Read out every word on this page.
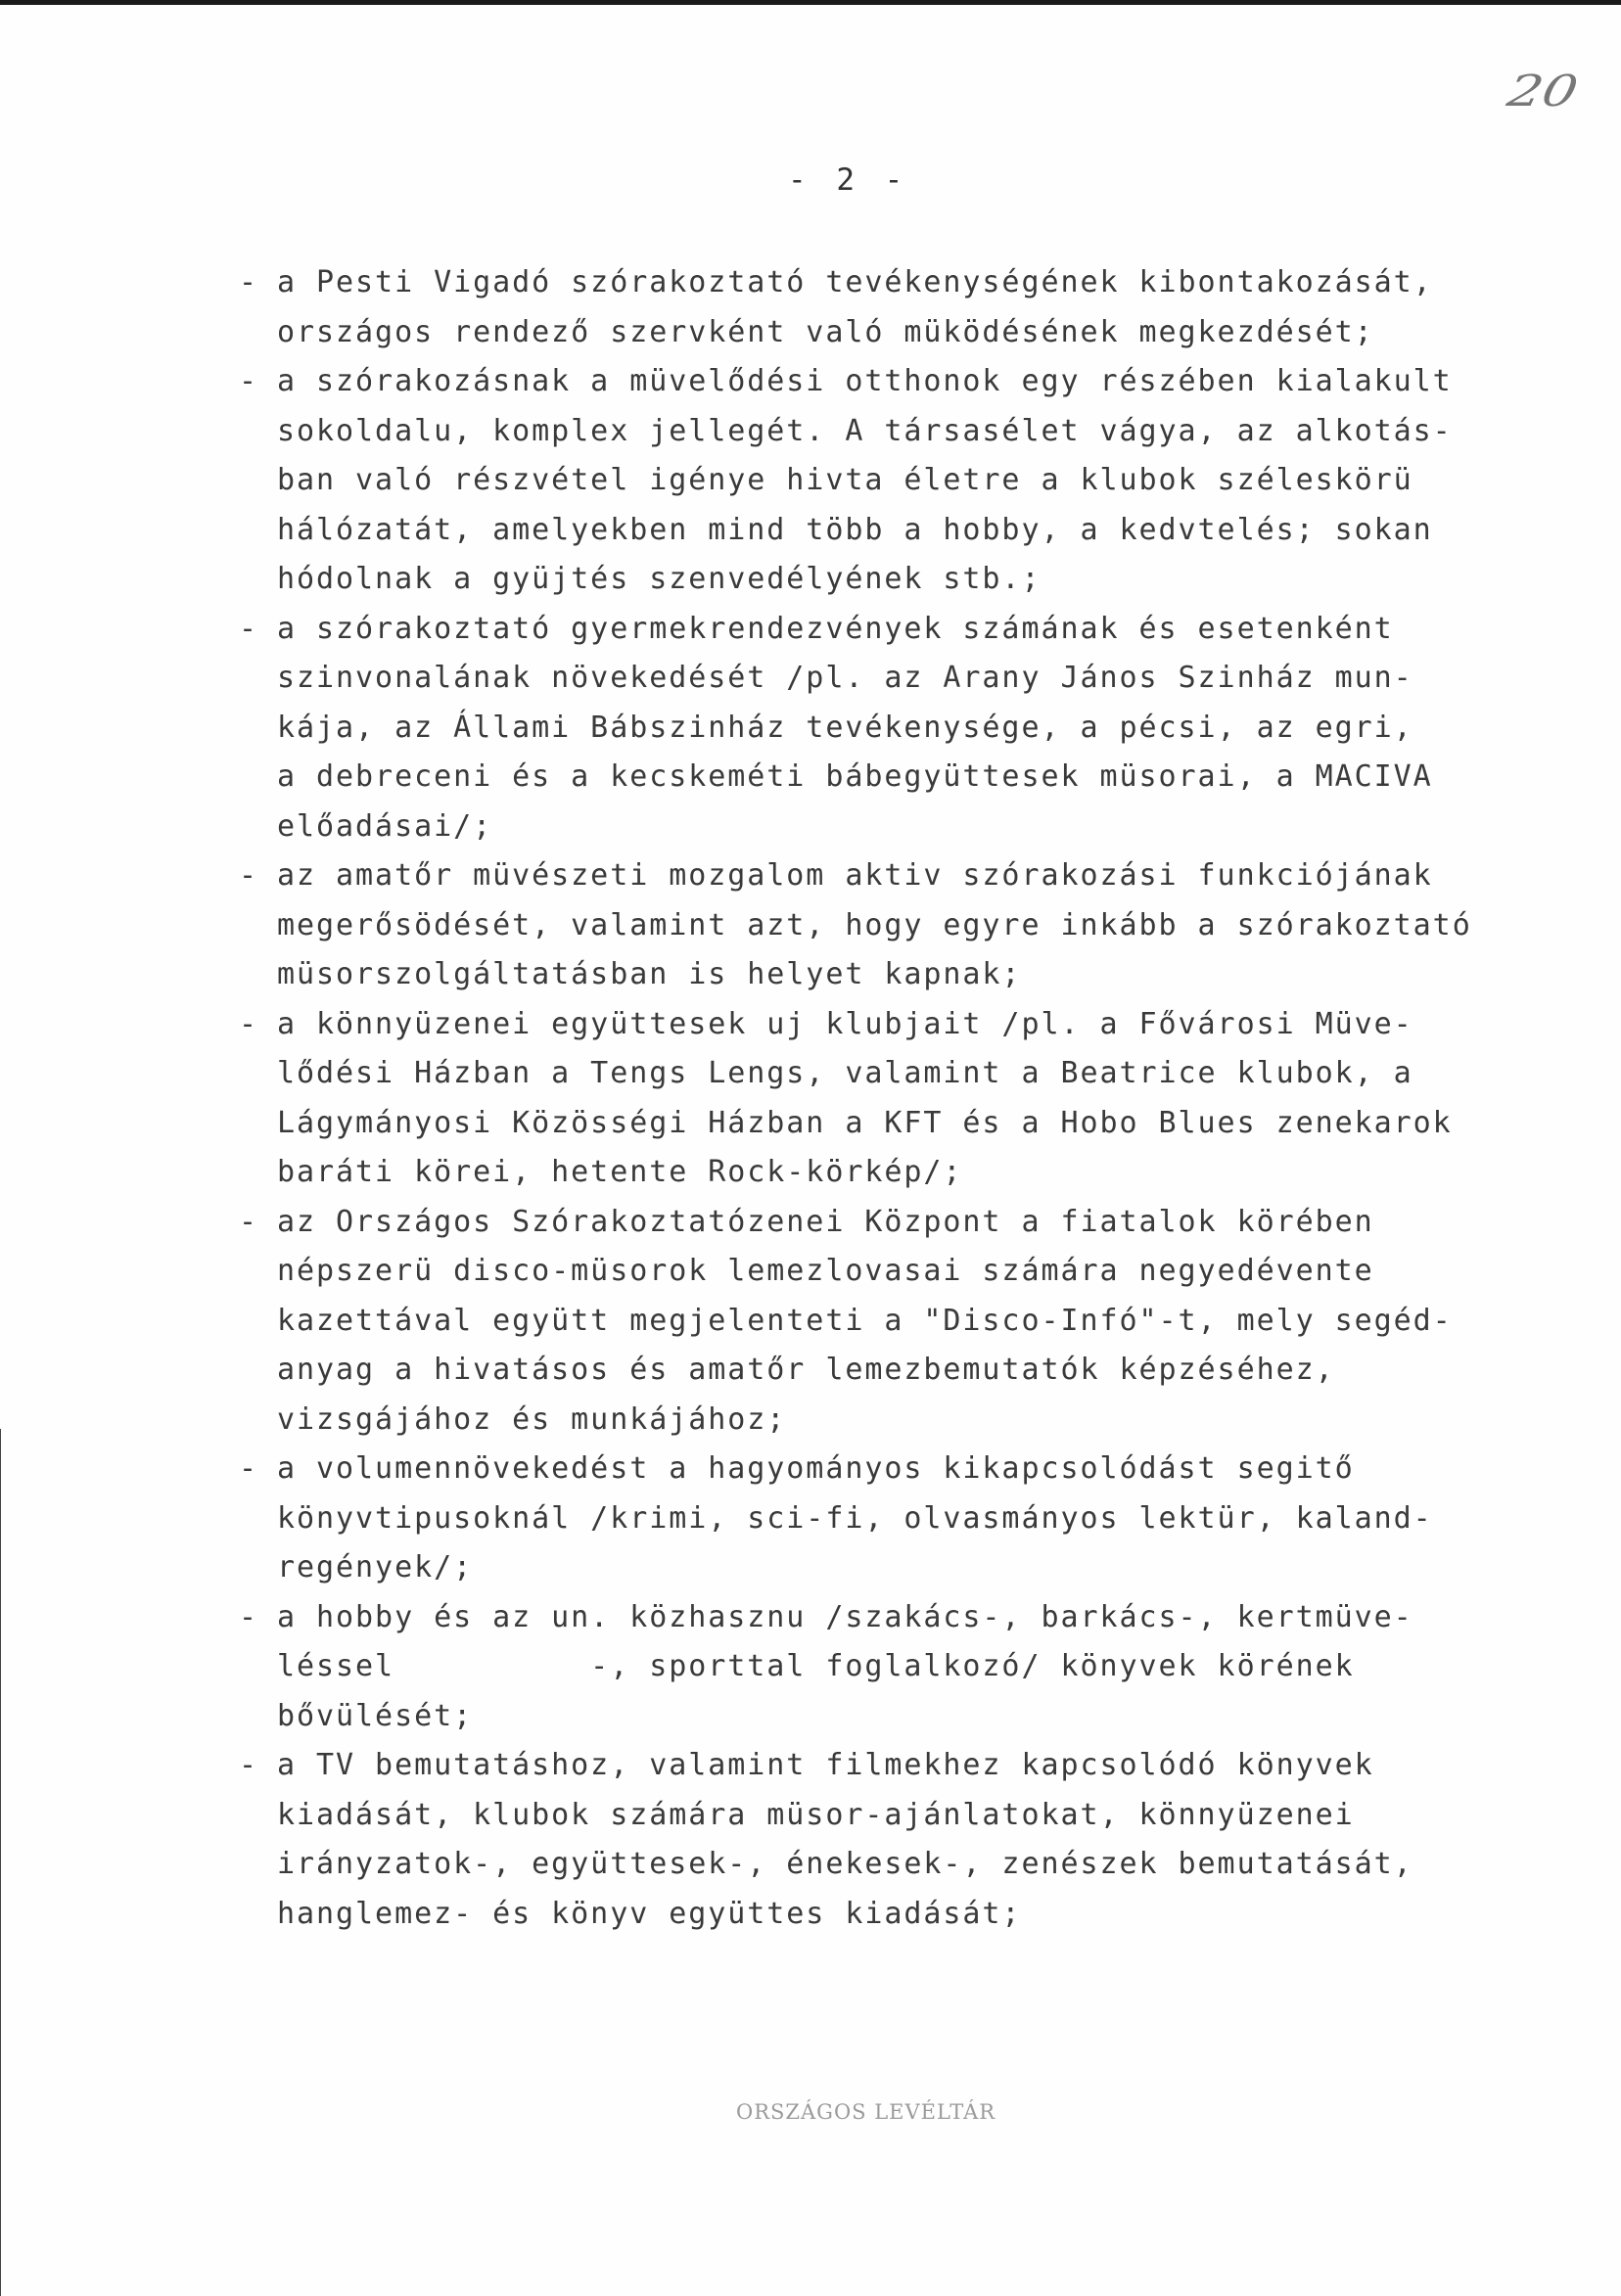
20
- 2 -
- a Pesti Vigadó szórakoztató tevékenységének kibontakozását,
országos rendező szervként való müködésének megkezdését;
- a szórakozásnak a müvelődési otthonok egy részében kialakult
sokoldalu, komplex jellegét. A társasélet vágya, az alkotás-
ban való részvétel igénye hivta életre a klubok széleskörü
hálózatát, amelyekben mind több a hobby, a kedvtelés; sokan
hódolnak a gyüjtés szenvedélyének stb.;
- a szórakoztató gyermekrendezvények számának és esetenként
szinvonalának növekedését /pl. az Arany János Szinház mun-
kája, az Állami Bábszinház tevékenysége, a pécsi, az egri,
a debreceni és a kecskeméti bábegyüttesek müsorai, a MACIVA
előadásai/;
- az amatőr müvészeti mozgalom aktiv szórakozási funkciójának
megerősödését, valamint azt, hogy egyre inkább a szórakoztató
müsorszolgáltatásban is helyet kapnak;
- a könnyüzenei együttesek uj klubjait /pl. a Fővárosi Müve-
lődési Házban a Tengs Lengs, valamint a Beatrice klubok, a
Lágymányosi Közösségi Házban a KFT és a Hobo Blues zenekarok
baráti körei, hetente Rock-körkép/;
- az Országos Szórakoztatózenei Központ a fiatalok körében
népszerü disco-müsorok lemezlovasai számára negyedévente
kazettával együtt megjelenteti a "Disco-Infó"-t, mely segéd-
anyag a hivatásos és amatőr lemezbemutatók képzéséhez,
vizsgájához és munkájához;
- a volumennövekedést a hagyományos kikapcsolódást segitő
könyvtipusoknál /krimi, sci-fi, olvasmányos lektür, kaland-
regények/;
- a hobby és az un. közhasznu /szakács-, barkács-, kertmüve-
léssel          -, sporttal foglalkozó/ könyvek körének
bővülését;
- a TV bemutatáshoz, valamint filmekhez kapcsolódó könyvek
kiadását, klubok számára müsor-ajánlatokat, könnyüzenei
irányzatok-, együttesek-, énekesek-, zenészek bemutatását,
hanglemez- és könyv együttes kiadását;
ORSZÁGOS LEVÉLTÁR
